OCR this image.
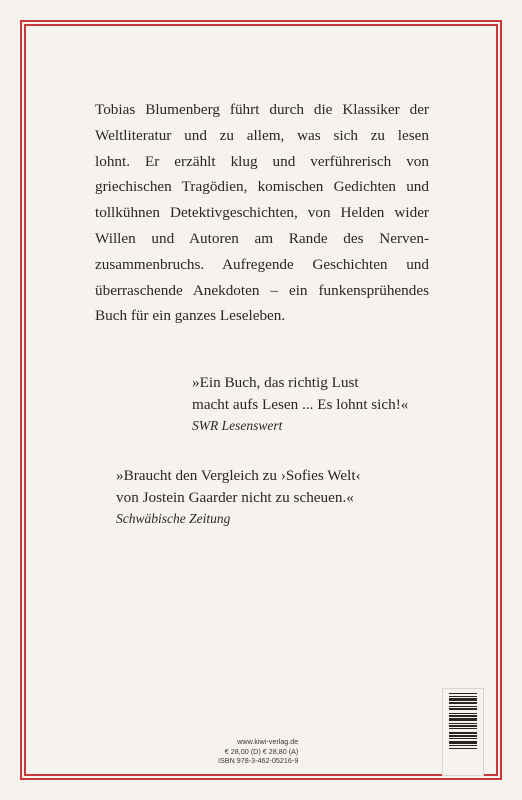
Tobias Blumenberg führt durch die Klassiker der
Weltliteratur und zu allem, was sich zu lesen
lohnt. Er erzählt klug und verführerisch von
griechischen Tragödien, komischen Gedichten und
tollkühnen Detektivgeschichten, von Helden wider
Willen und Autoren am Rande des Nerven-
zusammenbruchs. Aufregende Geschichten und
überraschende Anekdoten – ein funkensprühendes
Buch für ein ganzes Leseleben.
»Ein Buch, das richtig Lust
macht aufs Lesen ... Es lohnt sich!«
SWR Lesenswert
»Braucht den Vergleich zu ›Sofies Welt‹
von Jostein Gaarder nicht zu scheuen.«
Schwäbische Zeitung
www.kiwi-verlag.de
€ 28,00 (D) € 28,80 (A)
ISBN 978-3-462-05216-9
